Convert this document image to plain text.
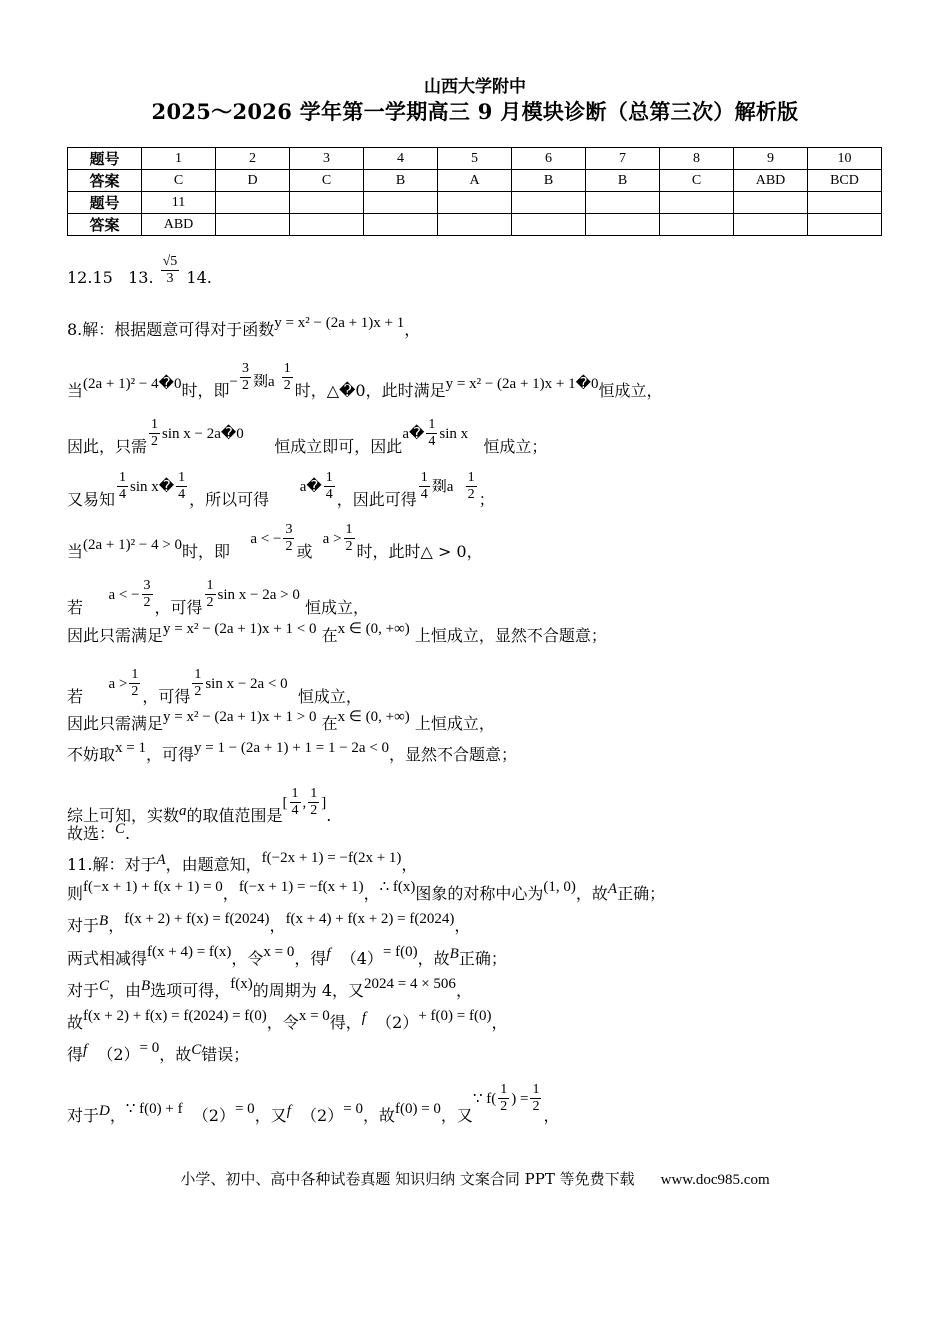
山西大学附中
2025～2026 学年第一学期高三 9 月模块诊断（总第三次）解析版
题号	1	2	3	4	5	6	7	8	9	10
答案	C	D	C	B	A	B	B	C	ABD	BCD
题号	11									
答案	ABD									
12.15 13. $\frac{√5}{3} 14$.
8.解：根据题意可得对于函数y = x² − (2a + 1)x + 1，
当(2a + 1)² − 4�0时，即− $\frac{3}{2}$ 剟a $\frac{1}{2}$ 时，△�0，此时满足y = x² − (2a + 1)x + 1�0恒成立，
因此，只需 $\frac{1}{2}$ sin x − 2a�0      恒成立即可，因此a� $\frac{1}{4}$ sin x   恒成立；
又易知 $\frac{1}{4}$ sin x� $\frac{1}{4}$ ，所以可得      a� $\frac{1}{4}$ ，因此可得 $\frac{1}{4}$ 剟a $\frac{1}{2}$ ；
当(2a + 1)² − 4 > 0时，即    a < − $\frac{3}{2}$ 或  $a > \frac{1}{2}$ 时，此时△ > 0，
若     a < − $\frac{3}{2}$ ，可得 $\frac{1}{2}$ sin x − 2a > 0 恒成立，
因此只需满足y = x² − (2a + 1)x + 1 < 0 在x ∈ (0, +∞) 上恒成立，显然不合题意；
若     $a > \frac{1}{2}$ ，可得 $\frac{1}{2}$ sin x − 2a < 0  恒成立，
因此只需满足y = x² − (2a + 1)x + 1 > 0 在x ∈ (0, +∞) 上恒成立，
不妨取x = 1，可得y = 1 − (2a + 1) + 1 = 1 − 2a < 0，显然不合题意；
综上可知，实数a的取值范围是[ $\frac{1}{4}$ , $\frac{1}{2}$ ].
故选：C.
11.解：对于A，由题意知，f(−2x + 1) = −f(2x + 1)，
则f(−x + 1) + f(x + 1) = 0，f(−x + 1) = −f(x + 1)，∴ f(x)图象的对称中心为(1, 0)，故A正确；
对于B，f(x + 2) + f(x) = f(2024)，f(x + 4) + f(x + 2) = f(2024)，
两式相减得f(x + 4) = f(x)，令x = 0，得f （4）= f(0)，故B正确；
对于C，由B选项可得，f(x)的周期为 4，又2024 = 4 × 506，
故f(x + 2) + f(x) = f(2024) = f(0)，令x = 0得，f （2）+ f(0) = f(0)，
得f （2）= 0，故C错误；
对于D，∵ f(0) + f （2）= 0，又f （2）= 0，故f(0) = 0，又∵ $f( \frac{1}{2}$ ) = $\frac{1}{2}$
，
小学、初中、高中各种试卷真题 知识归纳 文案合同 PPT 等免费下载 www.doc985.com
